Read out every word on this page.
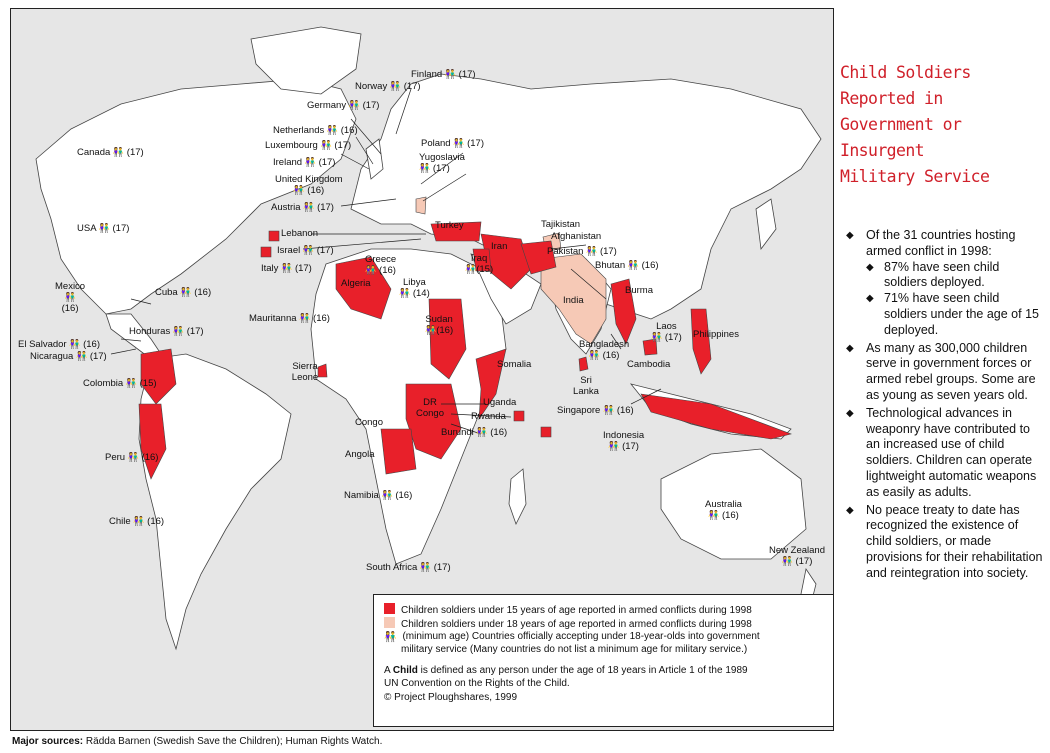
Canada 👫 (17)
USA 👫 (17)
Mexico
👫
(16)
Cuba 👫 (16)
Honduras 👫 (17)
El Salvador 👫 (16)
Nicaragua 👫 (17)
Colombia 👫 (15)
Peru 👫 (16)
Chile 👫 (16)
Finland 👫 (17)
Norway 👫 (17)
Germany 👫 (17)
Netherlands 👫 (16)
Luxembourg 👫 (17)
Ireland 👫 (17)
United Kingdom
👫 (16)
Austria 👫 (17)
Poland 👫 (17)
Yugoslavia
👫 (17)
Israel 👫 (17)
Italy 👫 (17)
Greece
👫 (16)
Libya
👫 (14)
Mauritanna 👫 (16)
Iraq
👫(15)
Pakistan 👫 (17)
Bhutan 👫 (16)
Bangladesh
👫 (16)
Laos
👫 (17)
Sudan
👫(16)
Burundi 👫 (16)
Singapore 👫 (16)
Indonesia
👫 (17)
Namibia 👫 (16)
South Africa 👫 (17)
Australia
👫 (16)
New Zealand
👫 (17)
Lebanon
Turkey	Tajikistan
Afghanistan
Iran
India
Burma
Algeria
Philippines
Cambodia
Somalia
Sierra Leone	Sri Lanka
Uganda
Rwanda
DR Congo
Congo
Angola
Children soldiers under 15 years of age reported in armed conflicts during 1998
Children soldiers under 18 years of age reported in armed conflicts during 1998
👫 (minimum age) Countries officially accepting under 18-year-olds into government
military service (Many countries do not list a minimum age for military service.)
A Child is defined as any person under the age of 18 years in Article 1 of the 1989
UN Convention on the Rights of the Child.
© Project Ploughshares, 1999
Child Soldiers Reported in
Government or Insurgent
Military Service
◆ Of the 31 countries hosting armed conflict in 1998:
◆ 87% have seen child soldiers deployed.
◆ 71% have seen child soldiers under the age of 15 deployed.
◆ As many as 300,000 children serve in government forces or armed rebel groups. Some are as young as seven years old.
◆ Technological advances in weaponry have contributed to an increased use of child soldiers. Children can operate lightweight automatic weapons as easily as adults.
◆ No peace treaty to date has recognized the existence of child soldiers, or made provisions for their rehabilitation and reintegration into society.
Major sources: Rädda Barnen (Swedish Save the Children); Human Rights Watch.
